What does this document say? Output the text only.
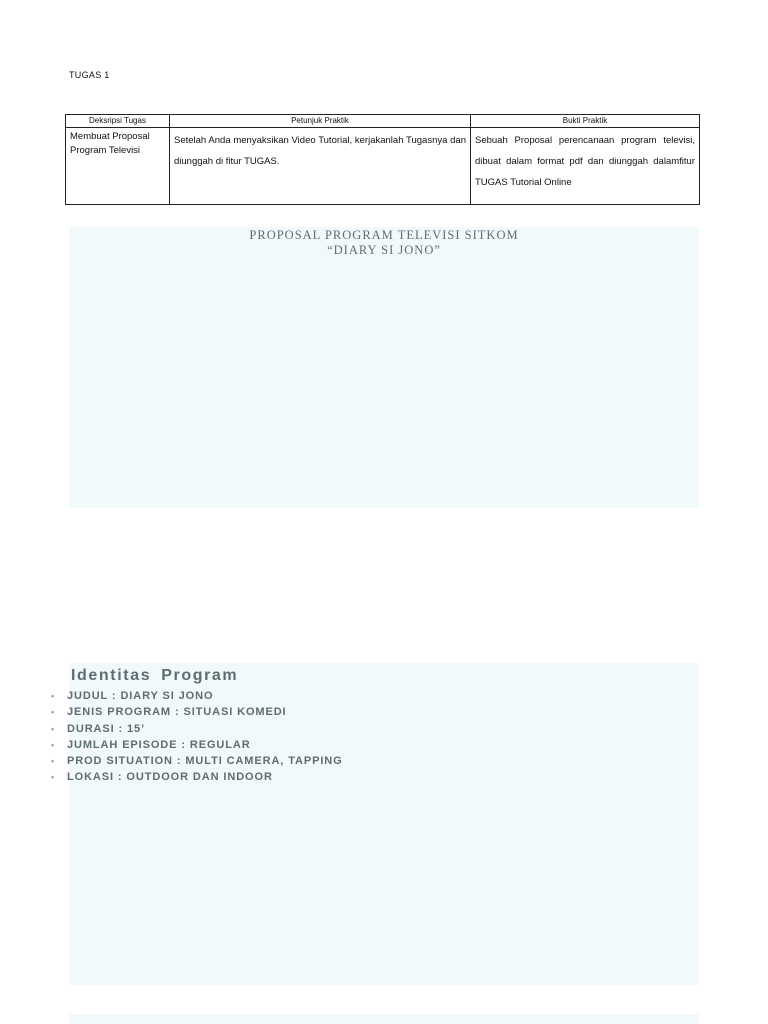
TUGAS 1
Deksripsi Tugas	Petunjuk Praktik	Bukti Praktik
Membuat Proposal Program Televisi	Setelah Anda menyaksikan Video Tutorial, kerjakanlah Tugasnya dan diunggah di fitur TUGAS.	Sebuah Proposal perencanaan program televisi, dibuat dalam format pdf dan diunggah dalamfitur TUGAS Tutorial Online
PROPOSAL PROGRAM TELEVISI SITKOM
“DIARY SI JONO”
Identitas Program
• JUDUL : DIARY SI JONO
• JENIS PROGRAM : SITUASI KOMEDI
• DURASI : 15’
• JUMLAH EPISODE : REGULAR
• PROD SITUATION : MULTI CAMERA, TAPPING
• LOKASI : OUTDOOR DAN INDOOR
